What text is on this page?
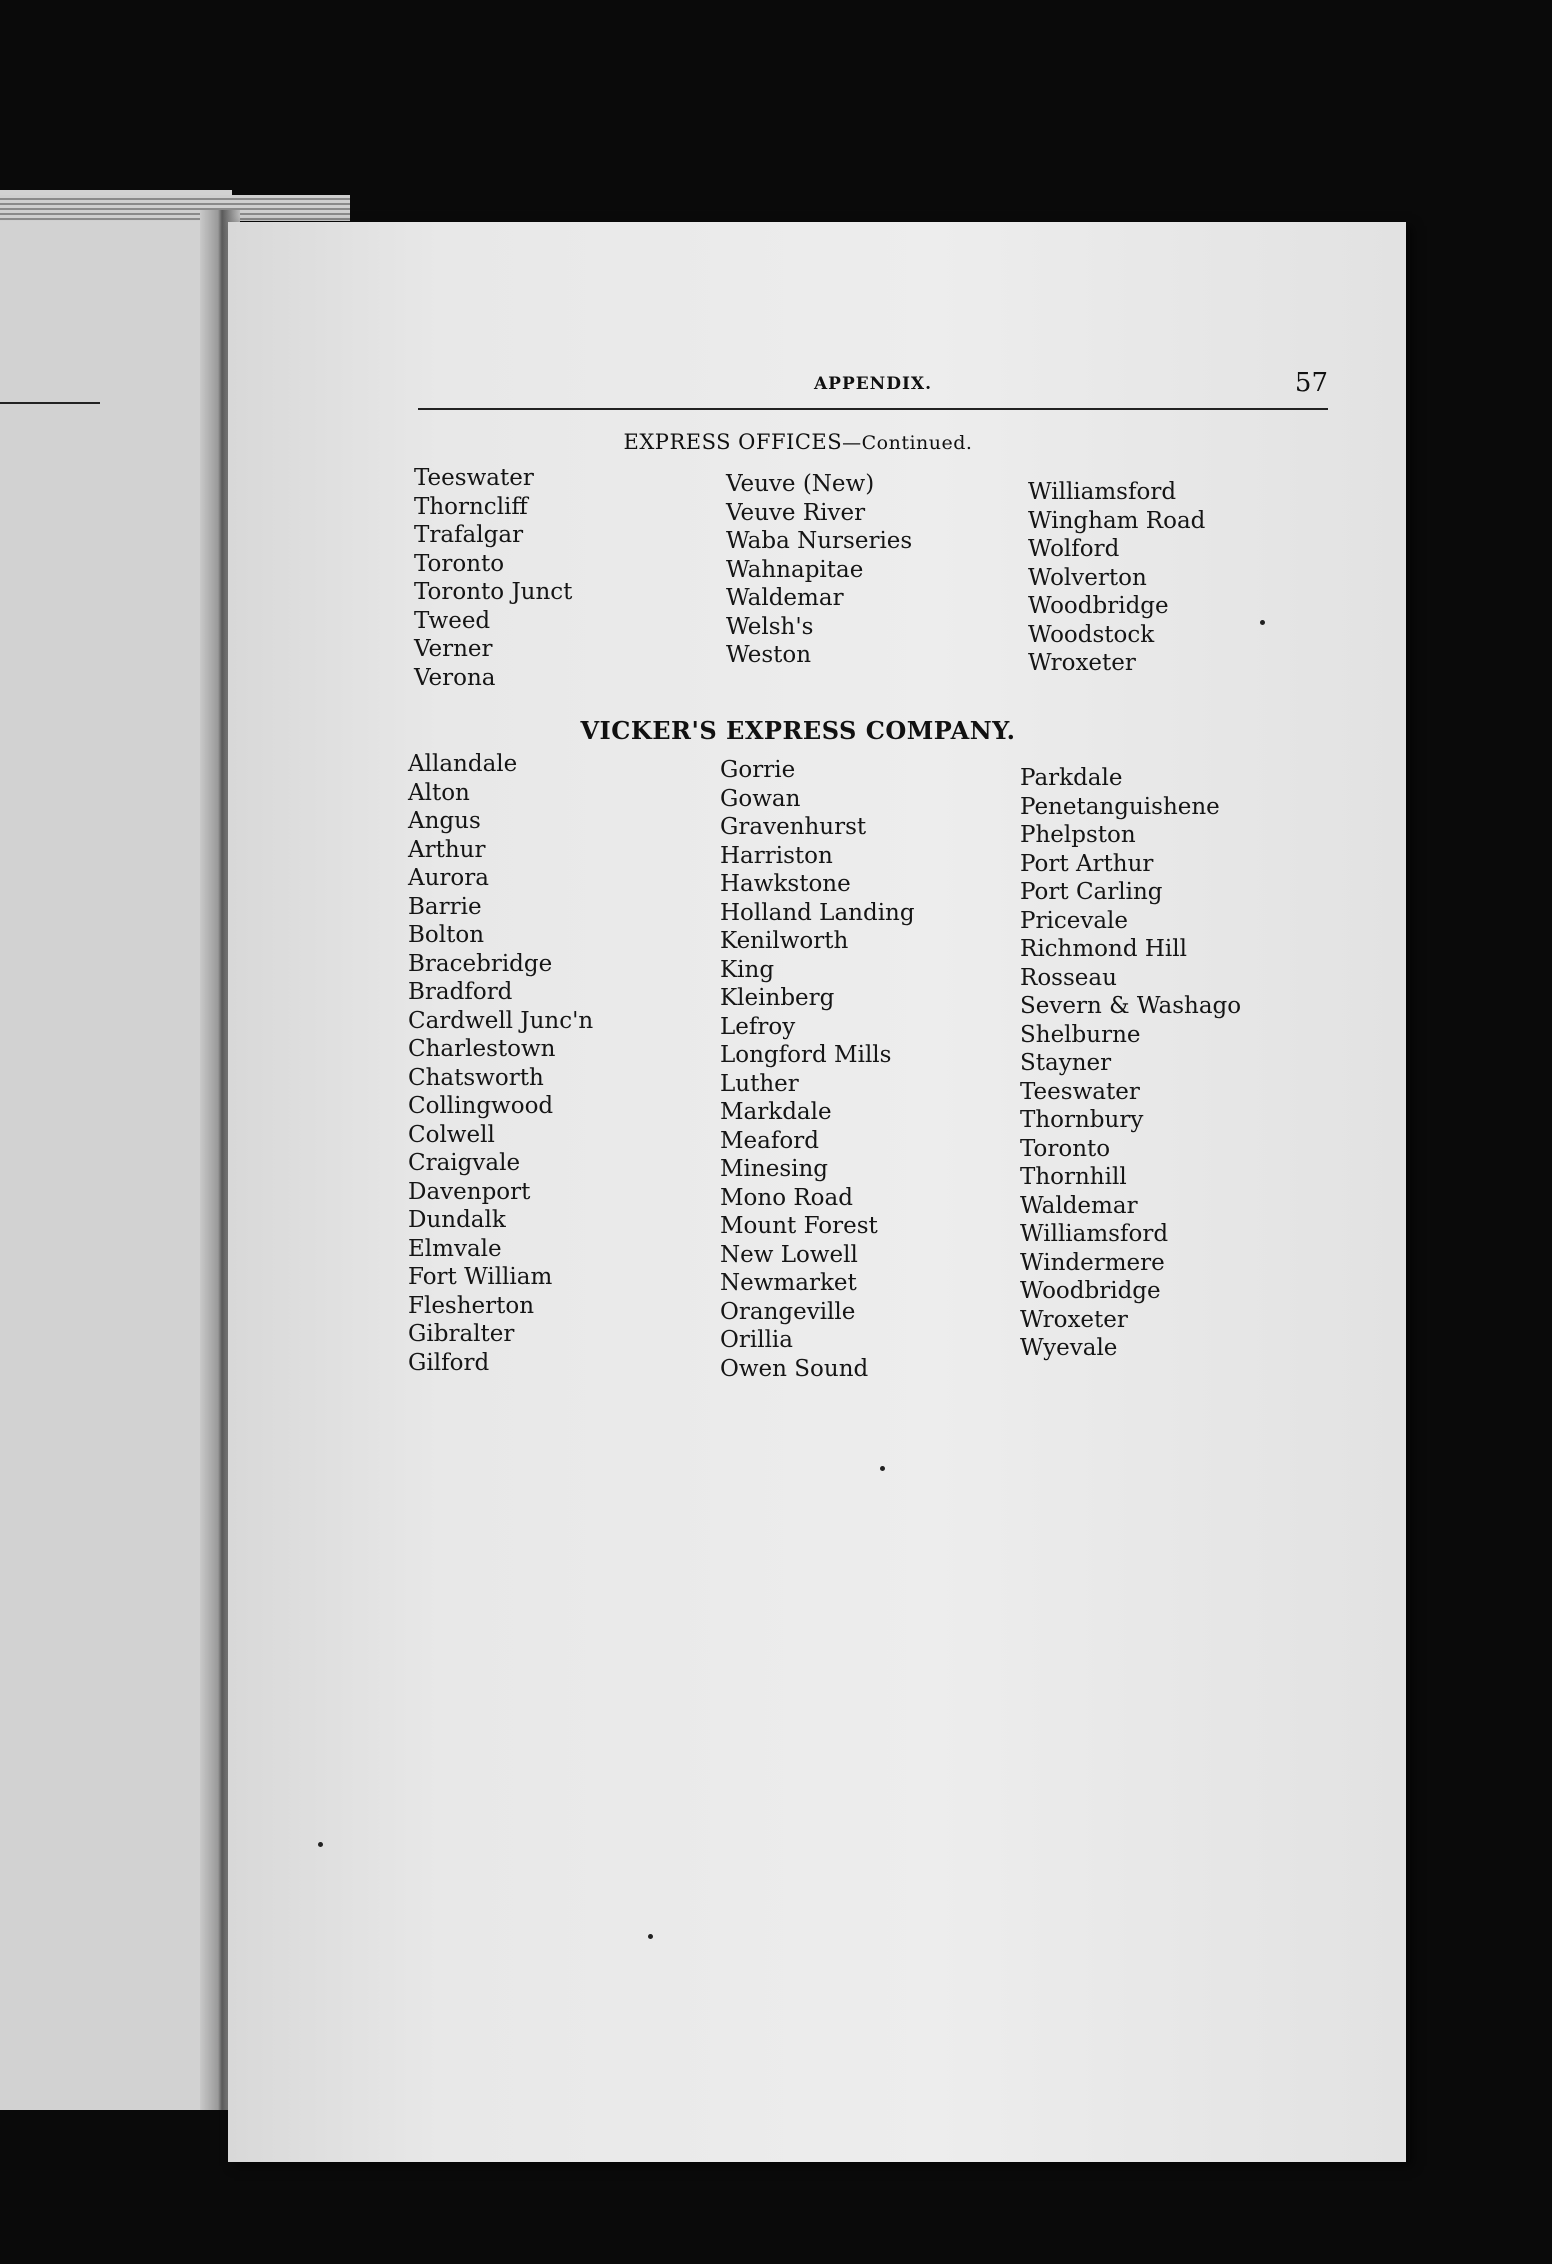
APPENDIX.	57
EXPRESS OFFICES—Continued.
Teeswater
Thorncliff
Trafalgar
Toronto
Toronto Junct
Tweed
Verner
Verona
Veuve (New)
Veuve River
Waba Nurseries
Wahnapitae
Waldemar
Welsh's
Weston
Williamsford
Wingham Road
Wolford
Wolverton
Woodbridge
Woodstock
Wroxeter
VICKER'S EXPRESS COMPANY.
Allandale
Alton
Angus
Arthur
Aurora
Barrie
Bolton
Bracebridge
Bradford
Cardwell Junc'n
Charlestown
Chatsworth
Collingwood
Colwell
Craigvale
Davenport
Dundalk
Elmvale
Fort William
Flesherton
Gibralter
Gilford
Gorrie
Gowan
Gravenhurst
Harriston
Hawkstone
Holland Landing
Kenilworth
King
Kleinberg
Lefroy
Longford Mills
Luther
Markdale
Meaford
Minesing
Mono Road
Mount Forest
New Lowell
Newmarket
Orangeville
Orillia
Owen Sound
Parkdale
Penetanguishene
Phelpston
Port Arthur
Port Carling
Pricevale
Richmond Hill
Rosseau
Severn & Washago
Shelburne
Stayner
Teeswater
Thornbury
Toronto
Thornhill
Waldemar
Williamsford
Windermere
Woodbridge
Wroxeter
Wyevale
